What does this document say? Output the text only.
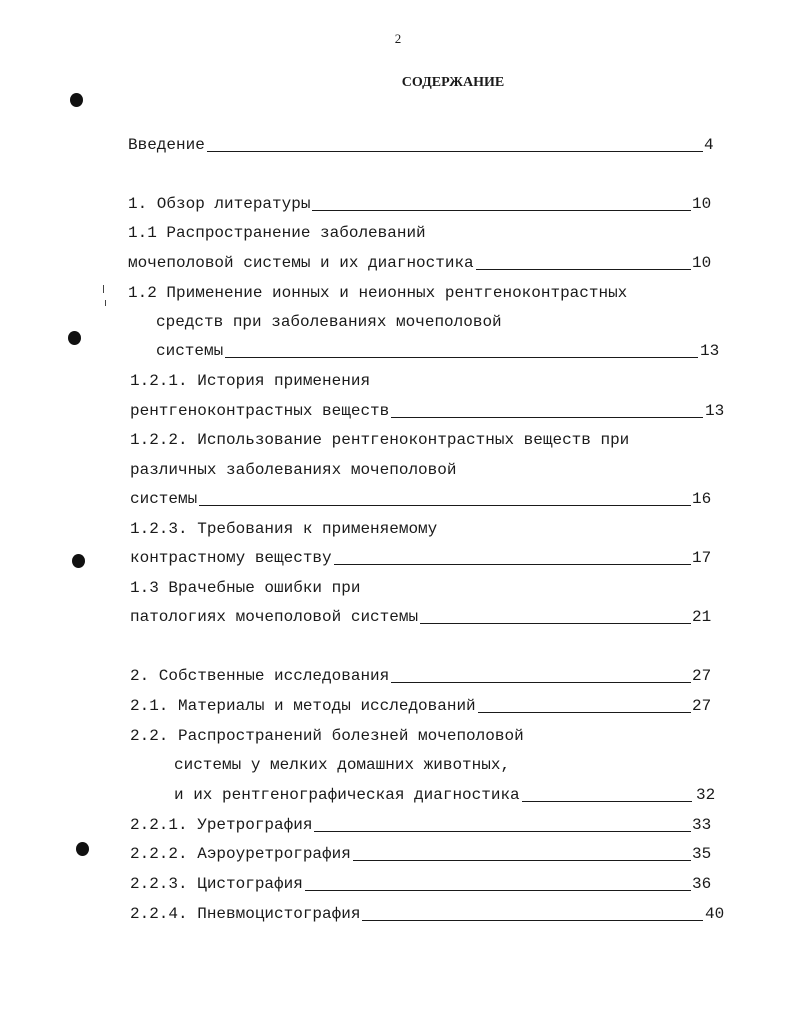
2
СОДЕРЖАНИЕ
Введение	4
1. Обзор литературы	10
1.1 Распространение заболеваний
мочеполовой системы и их диагностика	10
1.2 Применение ионных и неионных рентгеноконтрастных
средств при заболеваниях мочеполовой
системы	13
1.2.1. История применения
рентгеноконтрастных веществ	13
1.2.2. Использование рентгеноконтрастных веществ при
различных заболеваниях мочеполовой
системы	16
1.2.3. Требования к применяемому
контрастному веществу	17
1.3 Врачебные ошибки при
патологиях мочеполовой системы	21
2. Собственные исследования	27
2.1. Материалы и методы исследований	27
2.2. Распространений болезней мочеполовой
системы у мелких домашних животных,
и их рентгенографическая диагностика	32
2.2.1. Уретрография	33
2.2.2. Аэроуретрография	35
2.2.3. Цистография	36
2.2.4. Пневмоцистография	40
